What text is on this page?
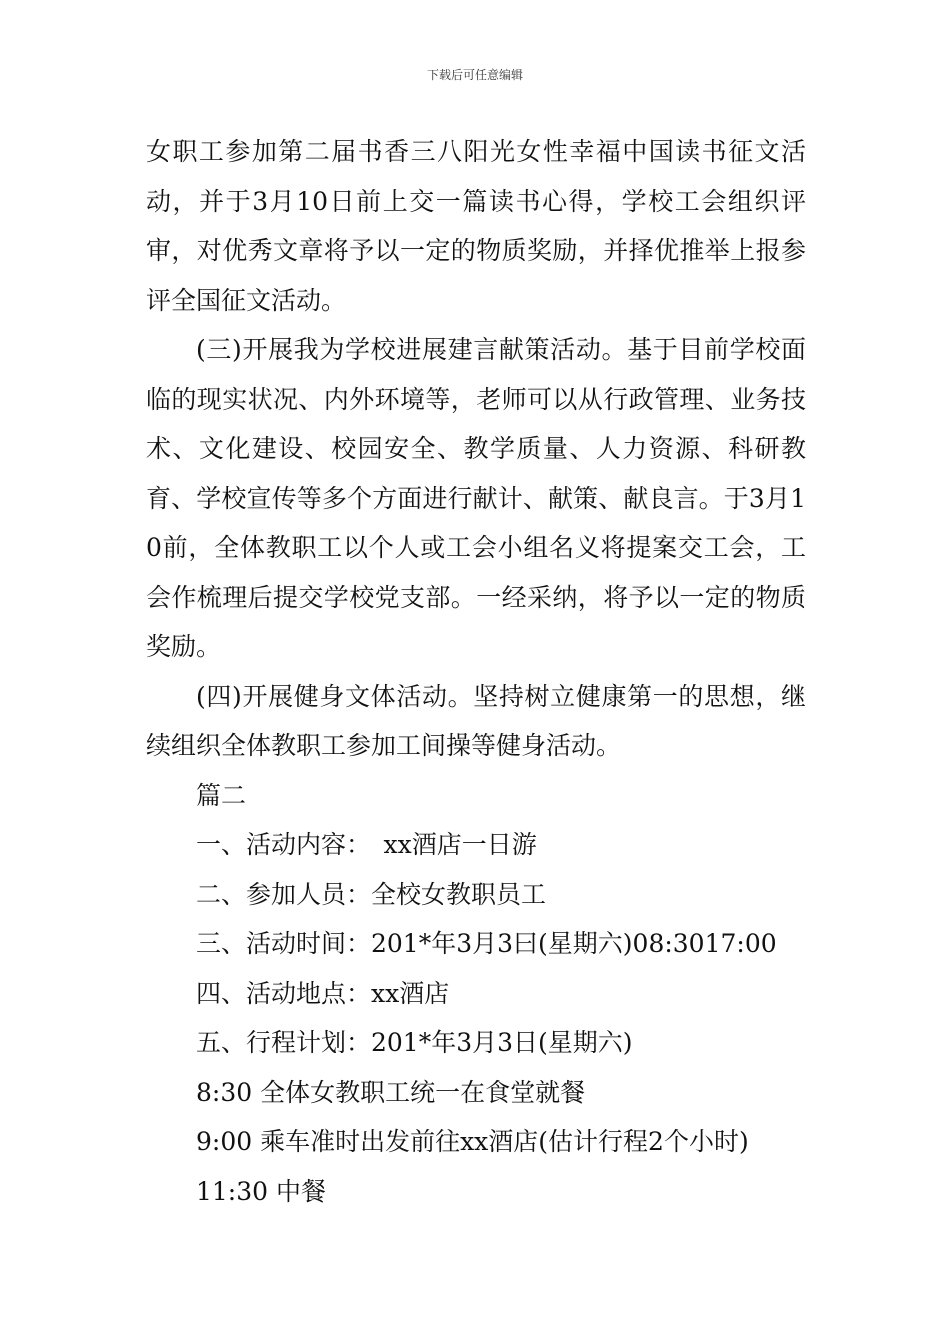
下载后可任意编辑

女职工参加第二届书香三八阳光女性幸福中国读书征文活动，并于3月10日前上交一篇读书心得，学校工会组织评审，对优秀文章将予以一定的物质奖励，并择优推举上报参评全国征文活动。

(三)开展我为学校进展建言献策活动。基于目前学校面临的现实状况、内外环境等，老师可以从行政管理、业务技术、文化建设、校园安全、教学质量、人力资源、科研教育、学校宣传等多个方面进行献计、献策、献良言。于3月10前，全体教职工以个人或工会小组名义将提案交工会，工会作梳理后提交学校党支部。一经采纳，将予以一定的物质奖励。

(四)开展健身文体活动。坚持树立健康第一的思想，继续组织全体教职工参加工间操等健身活动。

篇二
一、活动内容：　xx酒店一日游
二、参加人员：全校女教职员工
三、活动时间：201*年3月3曰(星期六)08:3017:00
四、活动地点：xx酒店
五、行程计划：201*年3月3日(星期六)
8:30 全体女教职工统一在食堂就餐
9:00 乘车准时出发前往xx酒店(估计行程2个小时)
11:30 中餐
